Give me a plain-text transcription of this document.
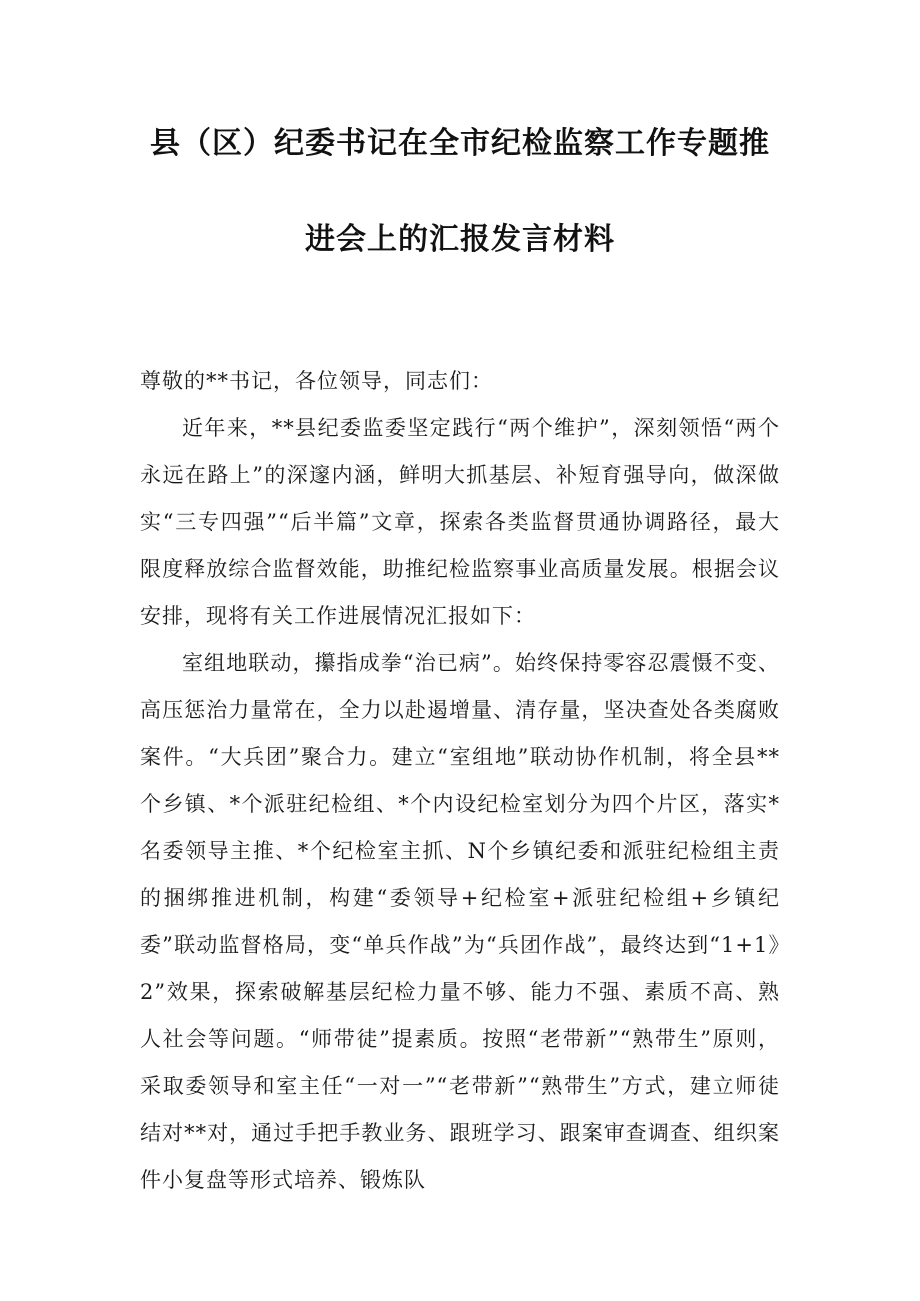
县（区）纪委书记在全市纪检监察工作专题推
进会上的汇报发言材料

尊敬的**书记，各位领导，同志们：

近年来，**县纪委监委坚定践行“两个维护”，深刻领悟“两个永远在路上”的深邃内涵，鲜明大抓基层、补短育强导向，做深做实“三专四强”“后半篇”文章，探索各类监督贯通协调路径，最大限度释放综合监督效能，助推纪检监察事业高质量发展。根据会议安排，现将有关工作进展情况汇报如下：

室组地联动，攥指成拳“治已病”。始终保持零容忍震慑不变、高压惩治力量常在，全力以赴遏增量、清存量，坚决查处各类腐败案件。“大兵团”聚合力。建立“室组地”联动协作机制，将全县**个乡镇、*个派驻纪检组、*个内设纪检室划分为四个片区，落实*名委领导主推、*个纪检室主抓、N个乡镇纪委和派驻纪检组主责的捆绑推进机制，构建“委领导+纪检室+派驻纪检组+乡镇纪委”联动监督格局，变“单兵作战”为“兵团作战”，最终达到“1+1》2”效果，探索破解基层纪检力量不够、能力不强、素质不高、熟人社会等问题。“师带徒”提素质。按照“老带新”“熟带生”原则，采取委领导和室主任“一对一”“老带新”“熟带生”方式，建立师徒结对**对，通过手把手教业务、跟班学习、跟案审查调查、组织案件小复盘等形式培养、锻炼队
